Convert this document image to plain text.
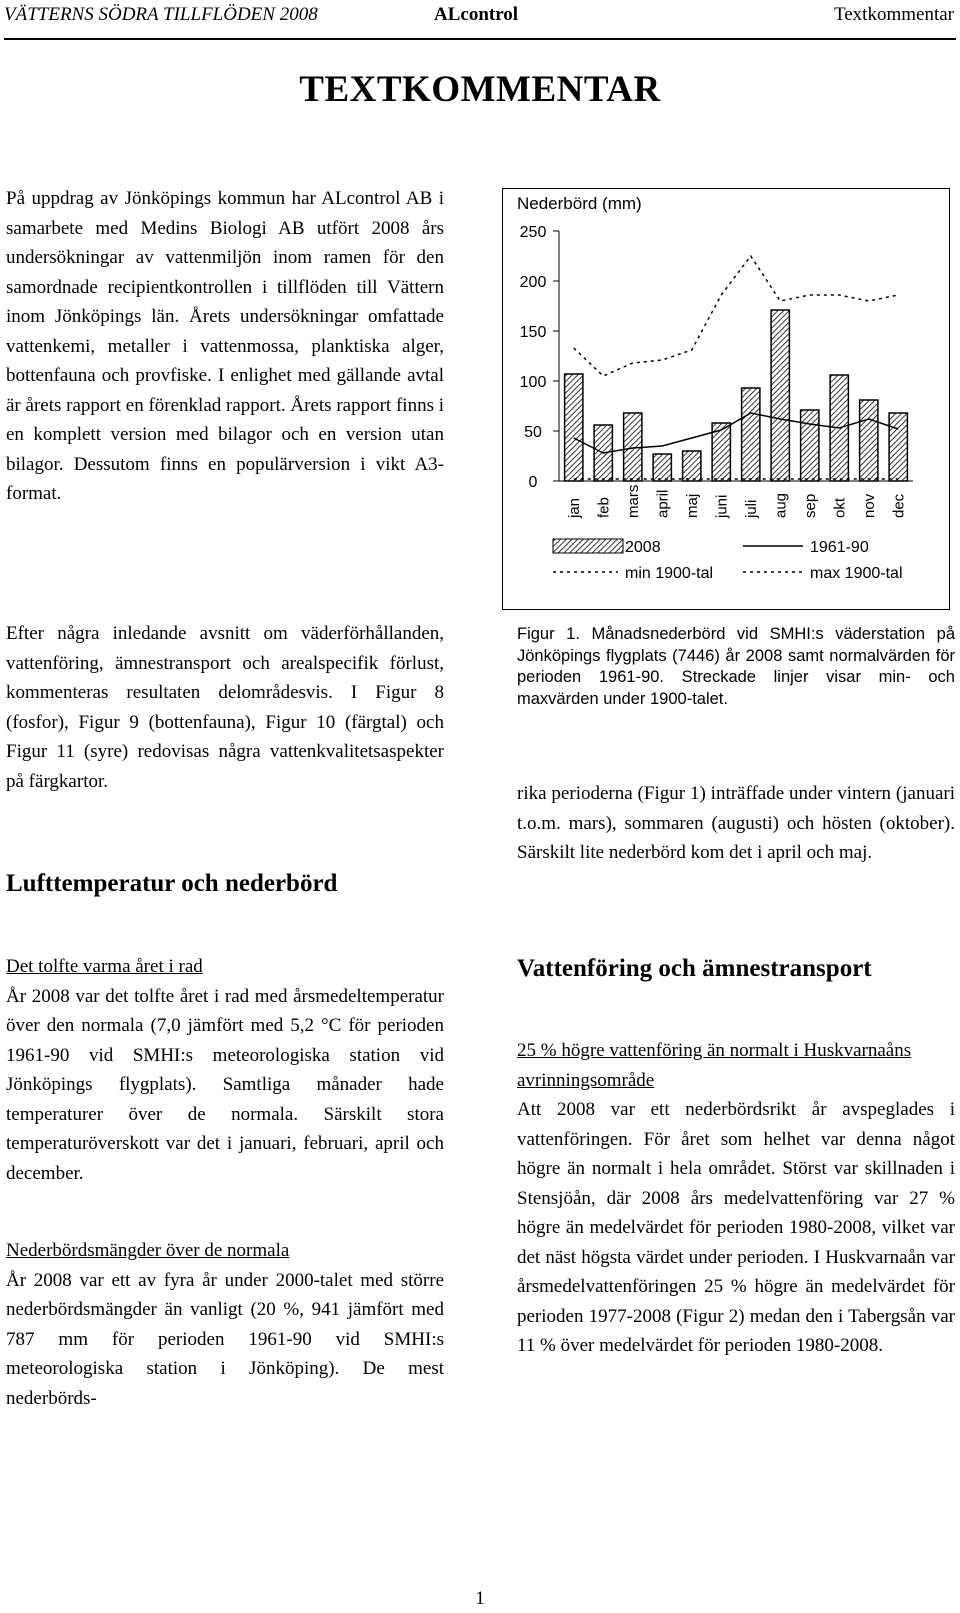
VÄTTERNS SÖDRA TILLFLÖDEN 2008	ALcontrol	Textkommentar
TEXTKOMMENTAR

På uppdrag av Jönköpings kommun har ALcontrol AB i samarbete med Medins Biologi AB utfört 2008 års undersökningar av vattenmiljön inom ramen för den samordnade recipientkontrollen i tillflöden till Vättern inom Jönköpings län. Årets undersökningar omfattade vattenkemi, metaller i vattenmossa, planktiska alger, bottenfauna och provfiske. I enlighet med gällande avtal är årets rapport en förenklad rapport. Årets rapport finns i en komplett version med bilagor och en version utan bilagor. Dessutom finns en populärversion i vikt A3-format.

Efter några inledande avsnitt om väderförhållanden, vattenföring, ämnestransport och arealspecifik förlust, kommenteras resultaten delområdesvis. I Figur 8 (fosfor), Figur 9 (bottenfauna), Figur 10 (färgtal) och Figur 11 (syre) redovisas några vattenkvalitetsaspekter på färgkartor.

Lufttemperatur och nederbörd

Det tolfte varma året i rad

År 2008 var det tolfte året i rad med årsmedeltemperatur över den normala (7,0 jämfört med 5,2 °C för perioden 1961-90 vid SMHI:s meteorologiska station vid Jönköpings flygplats). Samtliga månader hade temperaturer över de normala. Särskilt stora temperaturöverskott var det i januari, februari, april och december.

Nederbördsmängder över de normala

År 2008 var ett av fyra år under 2000-talet med större nederbördsmängder än vanligt (20 %, 941 jämfört med 787 mm för perioden 1961-90 vid SMHI:s meteorologiska station i Jönköping). De mest nederbörds-

Nederbörd (mm)
250
200
150
100
50
0
jan feb mars april maj juni juli aug sep okt nov dec
2008	1961-90
min 1900-tal	max 1900-tal

Figur 1. Månadsnederbörd vid SMHI:s väderstation på Jönköpings flygplats (7446) år 2008 samt normalvärden för perioden 1961-90. Streckade linjer visar min- och maxvärden under 1900-talet.

rika perioderna (Figur 1) inträffade under vintern (januari t.o.m. mars), sommaren (augusti) och hösten (oktober). Särskilt lite nederbörd kom det i april och maj.

Vattenföring och ämnestransport

25 % högre vattenföring än normalt i Huskvarnaåns avrinningsområde

Att 2008 var ett nederbördsrikt år avspeglades i vattenföringen. För året som helhet var denna något högre än normalt i hela området. Störst var skillnaden i Stensjöån, där 2008 års medelvattenföring var 27 % högre än medelvärdet för perioden 1980-2008, vilket var det näst högsta värdet under perioden. I Huskvarnaån var årsmedelvattenföringen 25 % högre än medelvärdet för perioden 1977-2008 (Figur 2) medan den i Tabergsån var 11 % över medelvärdet för perioden 1980-2008.

1
